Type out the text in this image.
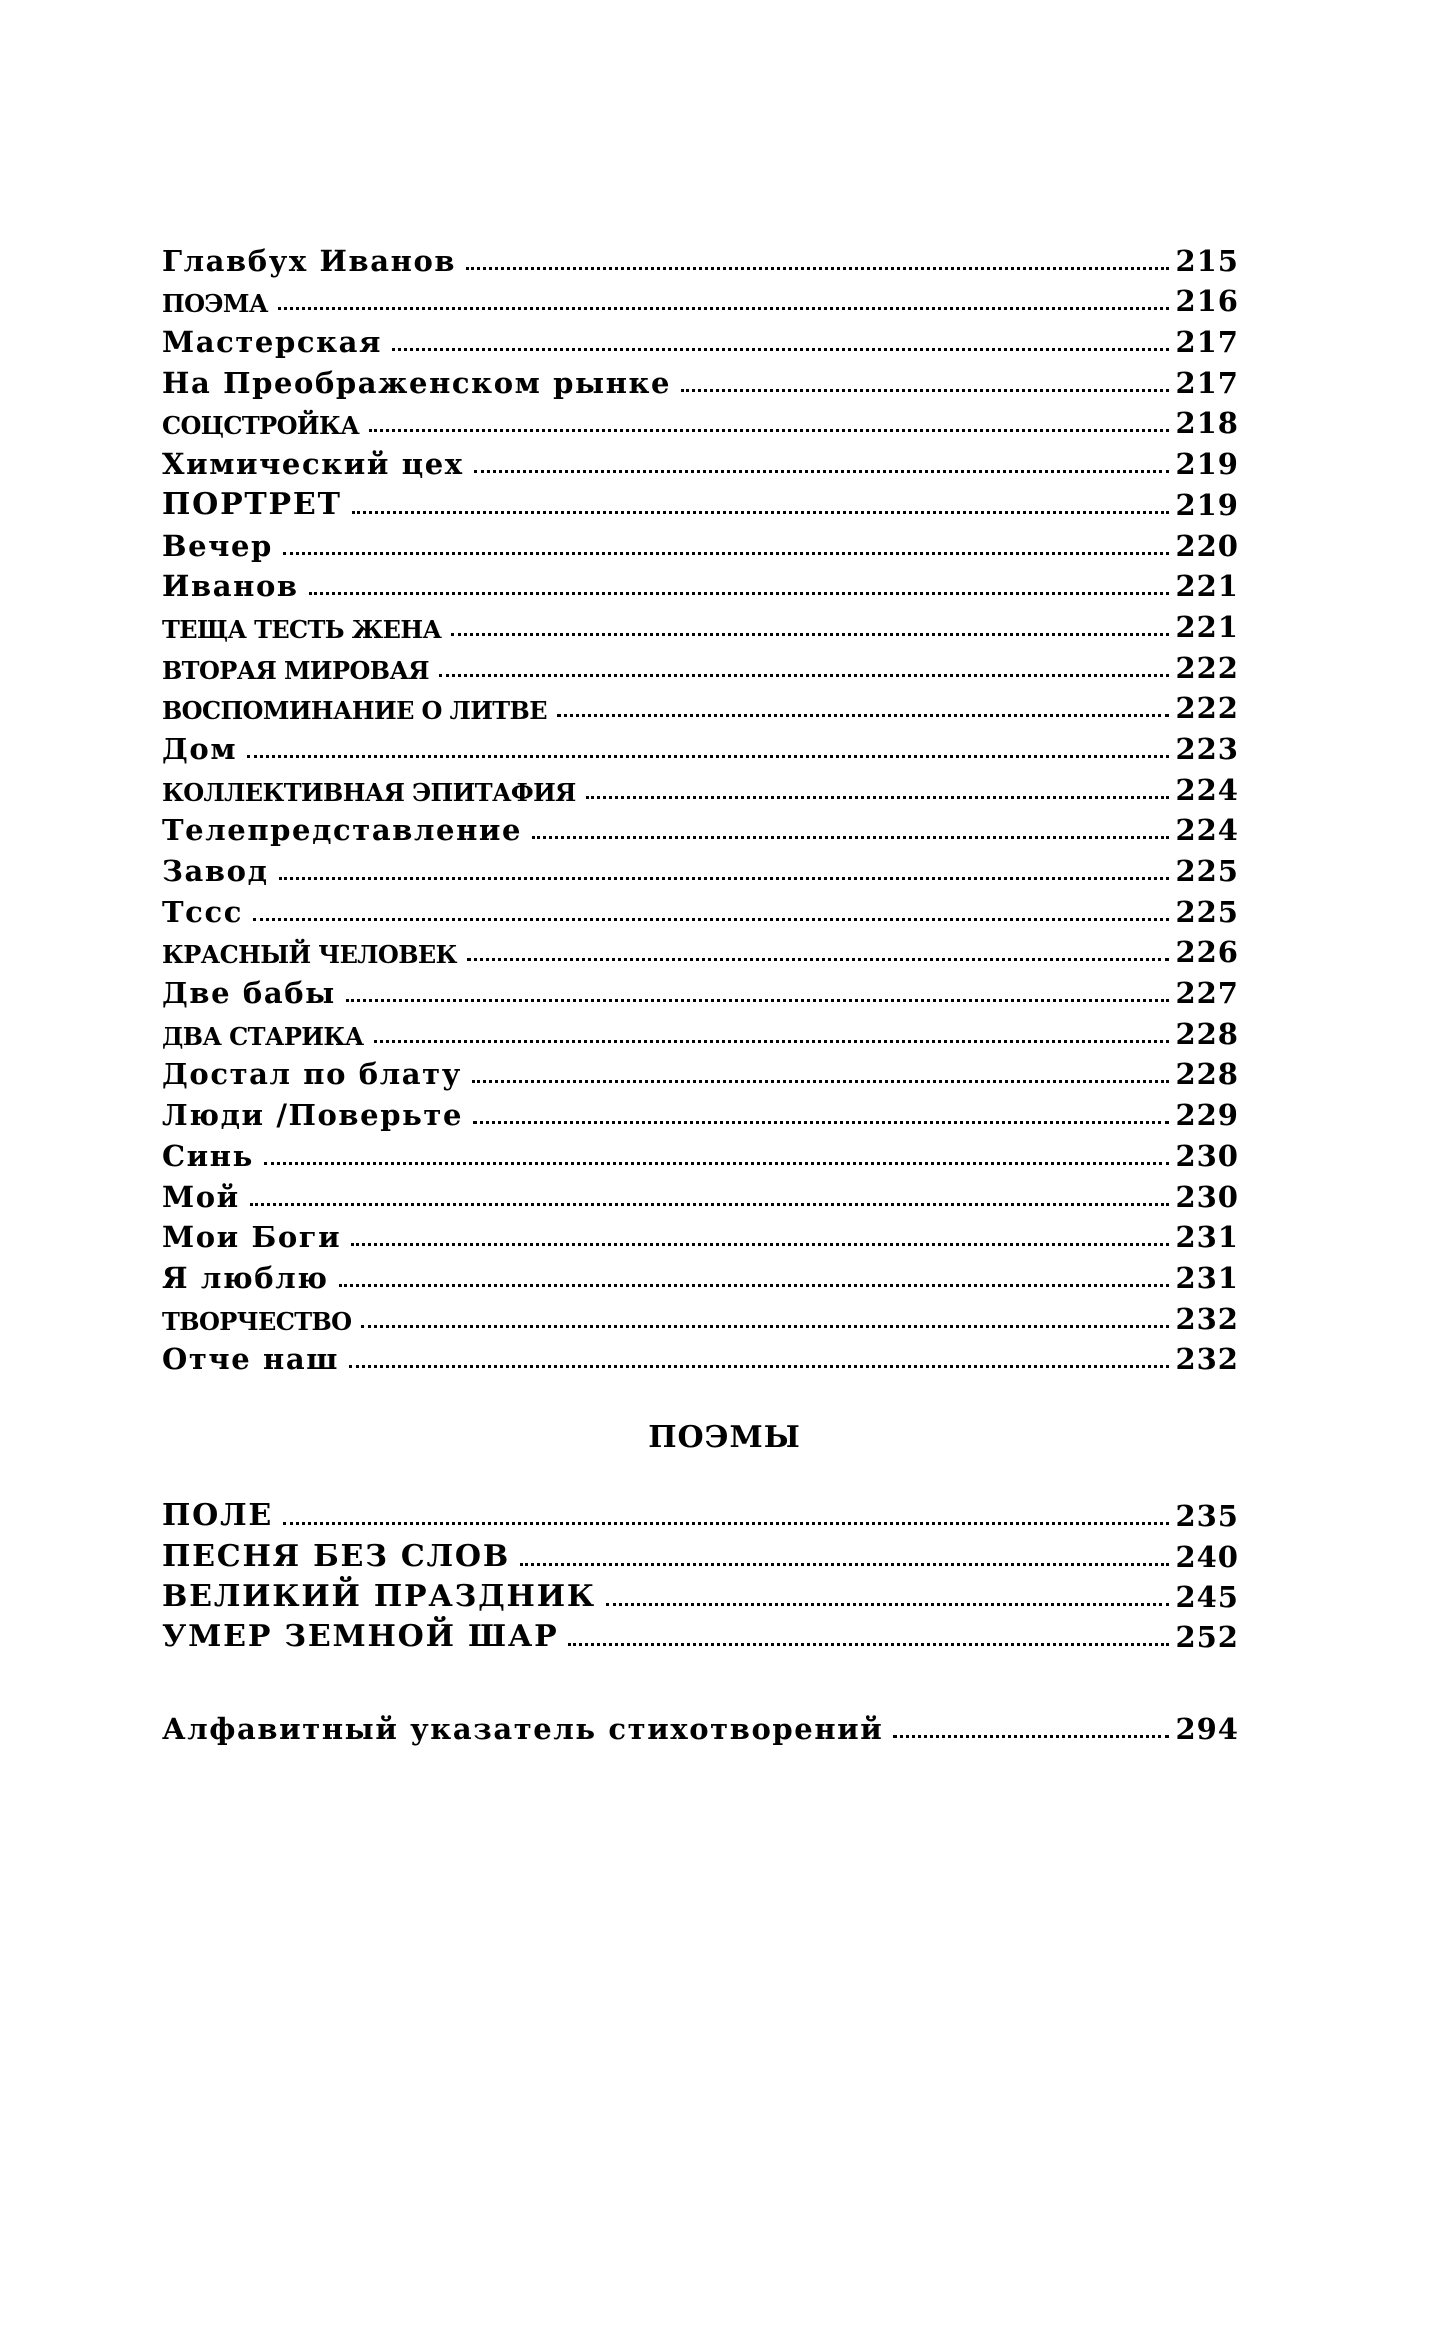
Главбух Иванов	215
ПОЭМА	216
Мастерская	217
На Преображенском рынке	217
СОЦСТРОЙКА	218
Химический цех	219
ПОРТРЕТ	219
Вечер	220
Иванов	221
ТЕЩА ТЕСТЬ ЖЕНА	221
ВТОРАЯ МИРОВАЯ	222
ВОСПОМИНАНИЕ О ЛИТВЕ	222
Дом	223
КОЛЛЕКТИВНАЯ ЭПИТАФИЯ	224
Телепредставление	224
Завод	225
Тссс	225
КРАСНЫЙ ЧЕЛОВЕК	226
Две бабы	227
ДВА СТАРИКА	228
Достал по блату	228
Люди /Поверьте	229
Синь	230
Мой	230
Мои Боги	231
Я люблю	231
ТВОРЧЕСТВО	232
Отче наш	232
ПОЭМЫ
ПОЛЕ	235
ПЕСНЯ БЕЗ СЛОВ	240
ВЕЛИКИЙ ПРАЗДНИК	245
УМЕР ЗЕМНОЙ ШАР	252
Алфавитный указатель стихотворений	294
